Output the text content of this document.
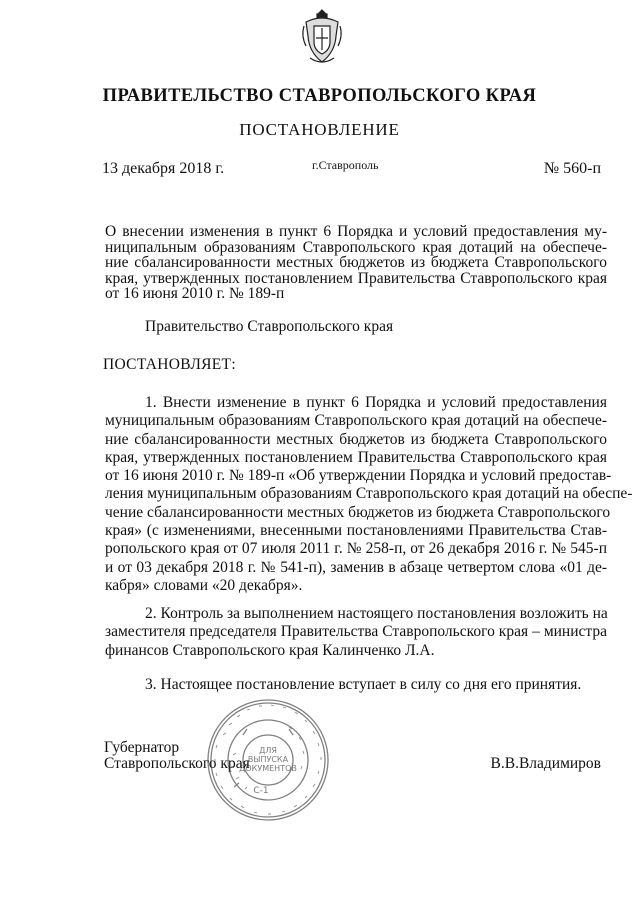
ПРАВИТЕЛЬСТВО СТАВРОПОЛЬСКОГО КРАЯ
ПОСТАНОВЛЕНИЕ
13 декабря 2018 г.	г.Ставрополь	№ 560-п
О внесении изменения в пункт 6 Порядка и условий предоставления му-
ниципальным образованиям Ставропольского края дотаций на обеспече-
ние сбалансированности местных бюджетов из бюджета Ставропольского
края, утвержденных постановлением Правительства Ставропольского края
от 16 июня 2010 г. № 189-п
Правительство Ставропольского края
ПОСТАНОВЛЯЕТ:
1. Внести изменение в пункт 6 Порядка и условий предоставления
муниципальным образованиям Ставропольского края дотаций на обеспече-
ние сбалансированности местных бюджетов из бюджета Ставропольского
края, утвержденных постановлением Правительства Ставропольского края
от 16 июня 2010 г. № 189-п «Об утверждении Порядка и условий предостав-
ления муниципальным образованиям Ставропольского края дотаций на обеспе-
чение сбалансированности местных бюджетов из бюджета Ставропольского
края» (с изменениями, внесенными постановлениями Правительства Став-
ропольского края от 07 июля 2011 г. № 258-п, от 26 декабря 2016 г. № 545-п
и от 03 декабря 2018 г. № 541-п), заменив в абзаце четвертом слова «01 де-
кабря» словами «20 декабря».
2. Контроль за выполнением настоящего постановления возложить на
заместителя председателя Правительства Ставропольского края – министра
финансов Ставропольского края Калинченко Л.А.
3. Настоящее постановление вступает в силу со дня его принятия.
ДЛЯ
ВЫПУСКА
ДОКУМЕНТОВ
С-1
Губернатор
Ставропольского края	В.В.Владимиров
